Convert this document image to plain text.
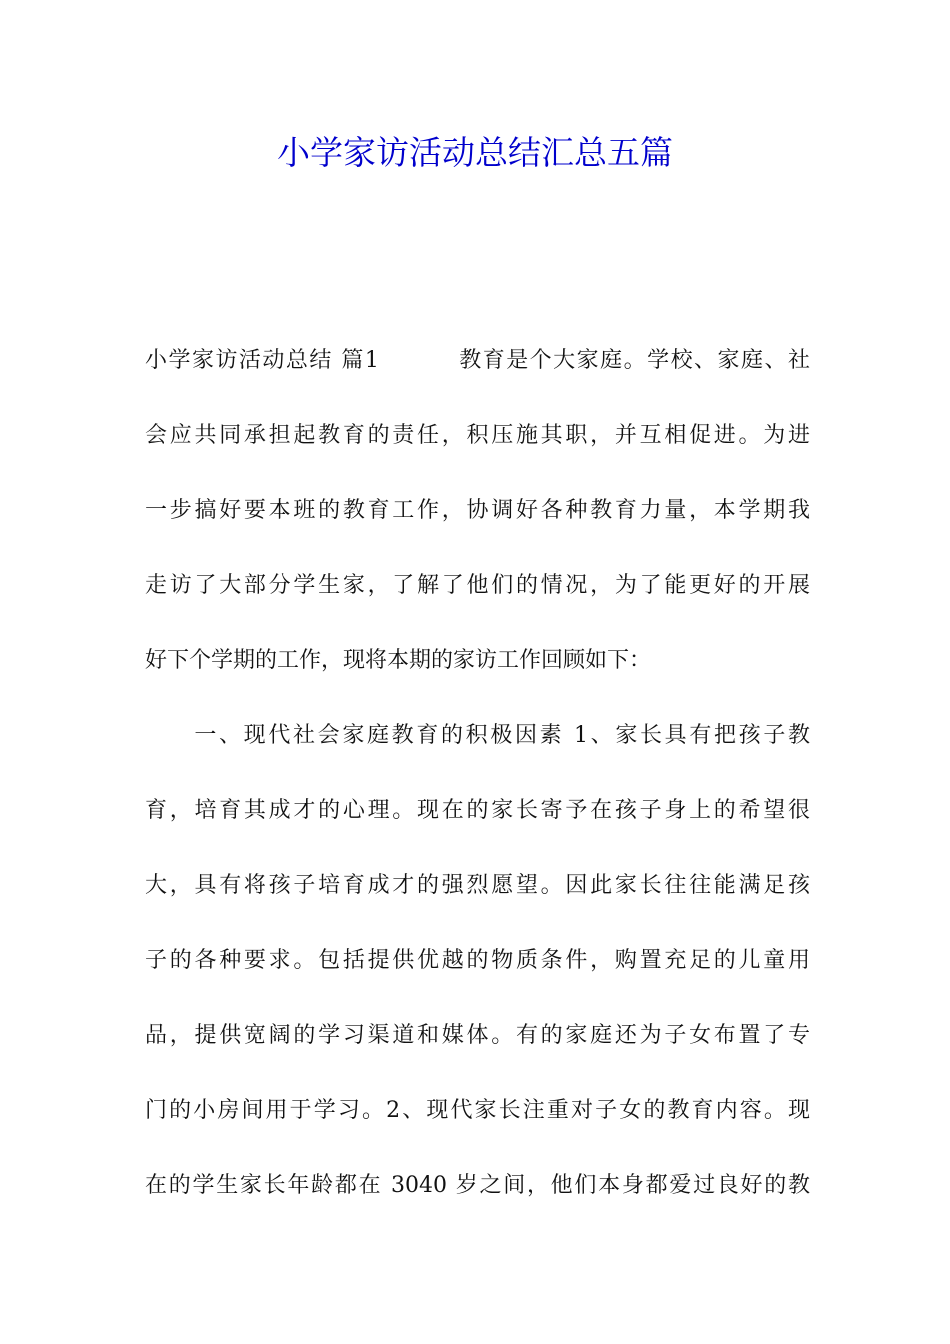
小学家访活动总结汇总五篇
小学家访活动总结 篇1　　　 教育是个大家庭。学校、家庭、社
会应共同承担起教育的责任，积压施其职，并互相促进。为进
一步搞好要本班的教育工作，协调好各种教育力量，本学期我
走访了大部分学生家，了解了他们的情况，为了能更好的开展
好下个学期的工作，现将本期的家访工作回顾如下：
　　一、现代社会家庭教育的积极因素 1、家长具有把孩子教
育，培育其成才的心理。现在的家长寄予在孩子身上的希望很
大，具有将孩子培育成才的强烈愿望。因此家长往往能满足孩
子的各种要求。包括提供优越的物质条件，购置充足的儿童用
品，提供宽阔的学习渠道和媒体。有的家庭还为子女布置了专
门的小房间用于学习。2、现代家长注重对子女的教育内容。现
在的学生家长年龄都在 3040 岁之间，他们本身都爱过良好的教
